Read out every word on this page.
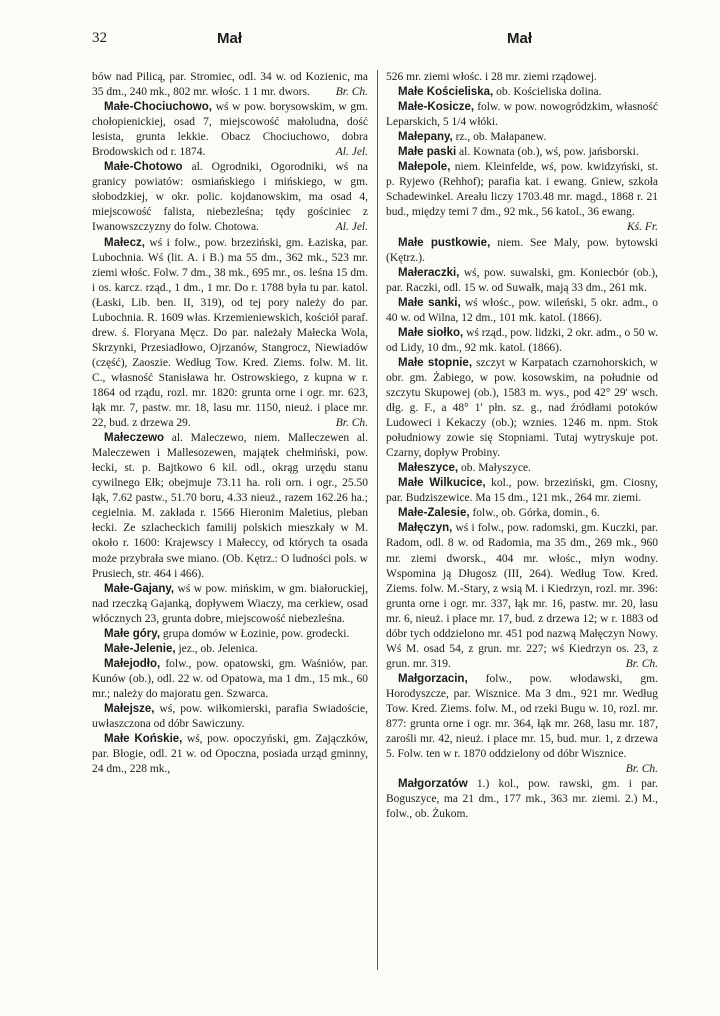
32	Mał	Mał

bów nad Pilicą, par. Stromiec, odl. 34 w. od Kozienic, ma 35 dm., 240 mk., 802 mr. włośc. 1 1 mr. dwors. Br. Ch.

Małe-Chociuchowo, wś w pow. borysowskim, w gm. chołopienickiej, osad 7, miejscowość małoludna, dość lesista, grunta lekkie. Obacz Chociuchowo, dobra Brodowskich od r. 1874.	Al. Jel.

Małe-Chotowo al. Ogrodniki, Ogorodniki, wś na granicy powiatów: osmiańskiego i mińskiego, w gm. słobodzkiej, w okr. polic. kojdanowskim, ma osad 4, miejscowość falista, niebezleśna; tędy gościniec z Iwanowszczyzny do folw. Chotowa.	Al. Jel.

Małecz, wś i folw., pow. brzeziński, gm. Łaziska, par. Lubochnia. Wś (lit. A. i B.) ma 55 dm., 362 mk., 523 mr. ziemi włośc. Folw. 7 dm., 38 mk., 695 mr., os. leśna 15 dm. i os. karcz. rząd., 1 dm., 1 mr. Do r. 1788 była tu par. katol. (Łaski, Lib. ben. II, 319), od tej pory należy do par. Lubochnia. R. 1609 włas. Krzemieniewskich, kościół paraf. drew. ś. Floryana Męcz. Do par. należały Małecka Wola, Skrzynki, Przesiadłowo, Ojrzanów, Stangrocz, Niewiadów (część), Zaoszie. Według Tow. Kred. Ziems. folw. M. lit. C., własność Stanisława hr. Ostrowskiego, z kupna w r. 1864 od rządu, rozl. mr. 1820: grunta orne i ogr. mr. 623, łąk mr. 7, pastw. mr. 18, lasu mr. 1150, nieuż. i place mr. 22, bud. z drzewa 29.	Br. Ch.

Małeczewo al. Maleczewo, niem. Malleczewen al. Maleczewen i Mallesozewen, majątek chełmiński, pow. łecki, st. p. Bajtkowo 6 kil. odl., okrąg urzędu stanu cywilnego Ełk; obejmuje 73.11 ha. roli orn. i ogr., 25.50 łąk, 7.62 pastw., 51.70 boru, 4.33 nieuż., razem 162.26 ha.; cegielnia. M. zakłada r. 1566 Hieronim Maletius, pleban łecki. Ze szlacheckich familij polskich mieszkały w M. około r. 1600: Krajewscy i Małeccy, od których ta osada może przybrała swe miano. (Ob. Kętrz.: O ludności pols. w Prusiech, str. 464 i 466).

Małe-Gajany, wś w pow. mińskim, w gm. białoruckiej, nad rzeczką Gajanką, dopływem Wiaczy, ma cerkiew, osad włócznych 23, grunta dobre, miejscowość niebezleśna.

Małe góry, grupa domów w Łozinie, pow. grodecki.

Małe-Jelenie, jez., ob. Jelenica.

Małejodło, folw., pow. opatowski, gm. Waśniów, par. Kunów (ob.), odl. 22 w. od Opatowa, ma 1 dm., 15 mk., 60 mr.; należy do majoratu gen. Szwarca.

Małejsze, wś, pow. wiłkomierski, parafia Swiadoście, uwłaszczona od dóbr Sawiczuny.

Małe Końskie, wś, pow. opoczyński, gm. Zajączków, par. Błogie, odl. 21 w. od Opoczna, posiada urząd gminny, 24 dm., 228 mk.,

526 mr. ziemi włośc. i 28 mr. ziemi rządowej.

Małe Kościeliska, ob. Kościeliska dolina.

Małe-Kosicze, folw. w pow. nowogródzkim, własność Leparskich, 5 1/4 włóki.

Małepany, rz., ob. Małapanew.

Małe paski al. Kownata (ob.), wś, pow. jańsborski.

Małepole, niem. Kleinfelde, wś, pow. kwidzyński, st. p. Ryjewo (Rehhof); parafia kat. i ewang. Gniew, szkoła Schadewinkel. Areału liczy 1703.48 mr. magd., 1868 r. 21 bud., między temi 7 dm., 92 mk., 56 katol., 36 ewang.
Kś. Fr.

Małe pustkowie, niem. See Maly, pow. bytowski (Kętrz.).

Małeraczki, wś, pow. suwalski, gm. Koniecbór (ob.), par. Raczki, odl. 15 w. od Suwałk, mają 33 dm., 261 mk.

Małe sanki, wś włośc., pow. wileński, 5 okr. adm., o 40 w. od Wilna, 12 dm., 101 mk. katol. (1866).

Małe siołko, wś rząd., pow. lidzki, 2 okr. adm., o 50 w. od Lidy, 10 dm., 92 mk. katol. (1866).

Małe stopnie, szczyt w Karpatach czarnohorskich, w obr. gm. Żabiego, w pow. kosowskim, na południe od szczytu Skupowej (ob.), 1583 m. wys., pod 42° 29' wsch. dłg. g. F., a 48° 1' płn. sz. g., nad źródłami potoków Ludoweci i Kekaczy (ob.); wznies. 1246 m. npm. Stok południowy zowie się Stopniami. Tutaj wytryskuje pot. Czarny, dopływ Probiny.

Małeszyce, ob. Małyszyce.

Małe Wilkucice, kol., pow. brzeziński, gm. Ciosny, par. Budziszewice. Ma 15 dm., 121 mk., 264 mr. ziemi.

Małe-Zalesie, folw., ob. Górka, domin., 6.

Małęczyn, wś i folw., pow. radomski, gm. Kuczki, par. Radom, odl. 8 w. od Radomia, ma 35 dm., 269 mk., 960 mr. ziemi dworsk., 404 mr. włośc., młyn wodny. Wspomina ją Długosz (III, 264). Według Tow. Kred. Ziems. folw. M.-Stary, z wsią M. i Kiedrzyn, rozl. mr. 396: grunta orne i ogr. mr. 337, łąk mr. 16, pastw. mr. 20, lasu mr. 6, nieuż. i place mr. 17, bud. z drzewa 12; w r. 1883 od dóbr tych oddzielono mr. 451 pod nazwą Małęczyn Nowy. Wś M. osad 54, z grun. mr. 227; wś Kiedrzyn os. 23, z grun. mr. 319.	Br. Ch.

Małgorzacin, folw., pow. włodawski, gm. Horodyszcze, par. Wisznice. Ma 3 dm., 921 mr. Według Tow. Kred. Ziems. folw. M., od rzeki Bugu w. 10, rozl. mr. 877: grunta orne i ogr. mr. 364, łąk mr. 268, lasu mr. 187, zarośli mr. 42, nieuż. i place mr. 15, bud. mur. 1, z drzewa 5. Folw. ten w r. 1870 oddzielony od dóbr Wisznice.
Br. Ch.

Małgorzatów 1.) kol., pow. rawski, gm. i par. Boguszyce, ma 21 dm., 177 mk., 363 mr. ziemi. 2.) M., folw., ob. Żukom.
